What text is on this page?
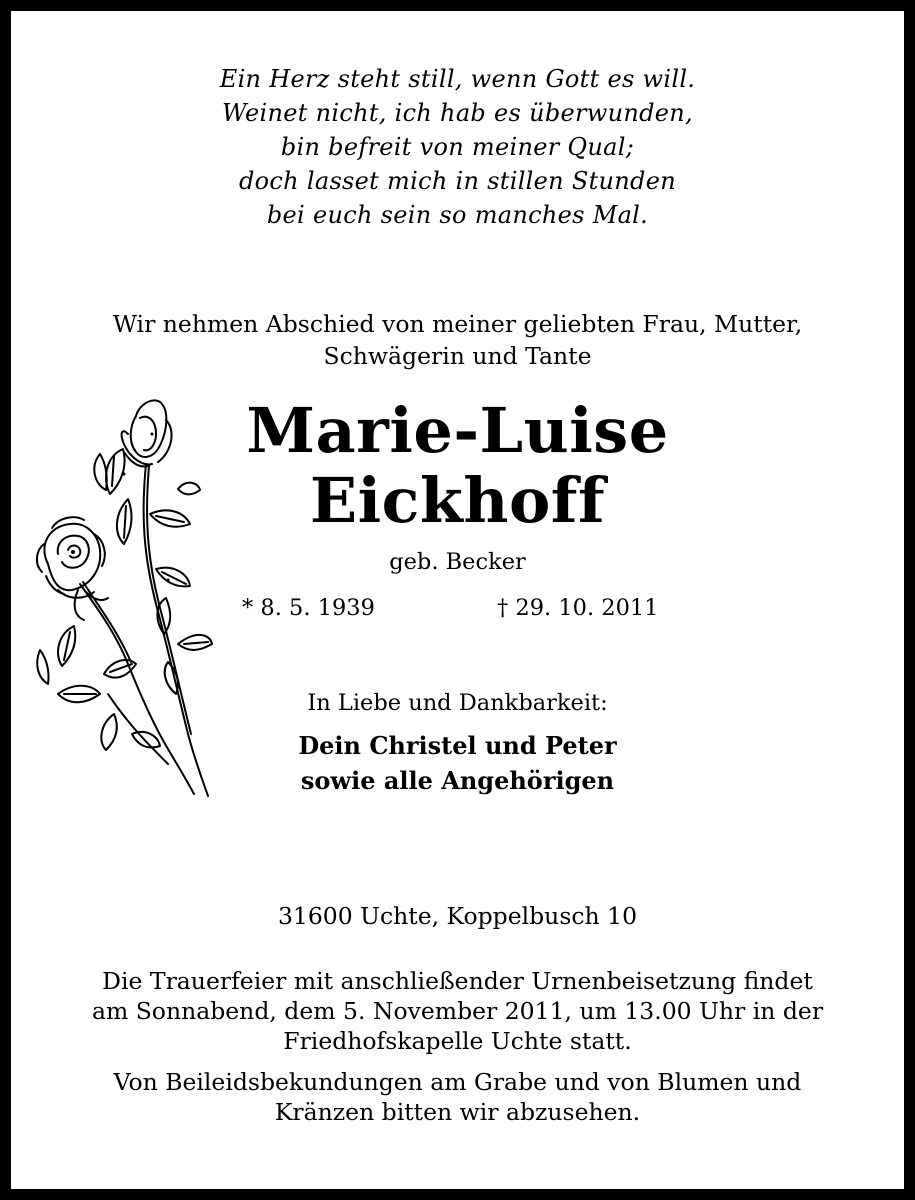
Ein Herz steht still, wenn Gott es will.
Weinet nicht, ich hab es überwunden,
bin befreit von meiner Qual;
doch lasset mich in stillen Stunden
bei euch sein so manches Mal.
Wir nehmen Abschied von meiner geliebten Frau, Mutter,
Schwägerin und Tante
Marie-Luise
Eickhoff
geb. Becker
* 8. 5. 1939	† 29. 10. 2011
In Liebe und Dankbarkeit:
Dein Christel und Peter
sowie alle Angehörigen
31600 Uchte, Koppelbusch 10
Die Trauerfeier mit anschließender Urnenbeisetzung findet
am Sonnabend, dem 5. November 2011, um 13.00 Uhr in der
Friedhofskapelle Uchte statt.
Von Beileidsbekundungen am Grabe und von Blumen und
Kränzen bitten wir abzusehen.
